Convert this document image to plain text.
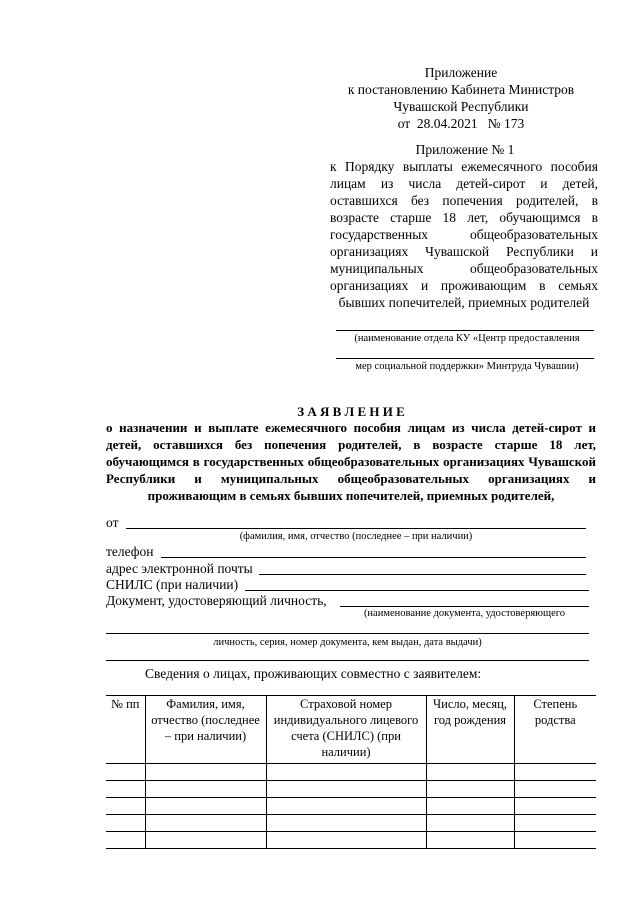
Приложение
к постановлению Кабинета Министров
Чувашской Республики
от  28.04.2021   № 173
Приложение № 1
к Порядку выплаты ежемесячного пособия лицам из числа детей-сирот и детей, оставшихся без попечения родителей, в возрасте старше 18 лет, обучающимся в государственных общеобразовательных организациях Чувашской Республики и муниципальных общеобразовательных организациях и проживающим в семьях бывших попечителей, приемных родителей
(наименование отдела КУ «Центр предоставления
мер социальной поддержки» Минтруда Чувашии)
З А Я В Л Е Н И Е
о назначении и выплате ежемесячного пособия лицам из числа детей-сирот и детей, оставшихся без попечения родителей, в возрасте старше 18 лет, обучающимся в государственных общеобразовательных организациях Чувашской Республики и муниципальных общеобразовательных организациях и проживающим в семьях бывших попечителей, приемных родителей,
от
(фамилия, имя, отчество (последнее – при наличии)
телефон
адрес электронной почты
СНИЛС (при наличии)
Документ, удостоверяющий личность,
(наименование документа, удостоверяющего
личность, серия, номер документа, кем выдан, дата выдачи)
Сведения о лицах, проживающих совместно с заявителем:
№ пп	Фамилия, имя, отчество (последнее – при наличии)	Страховой номер индивидуального лицевого счета (СНИЛС) (при наличии)	Число, месяц, год рождения	Степень родства
